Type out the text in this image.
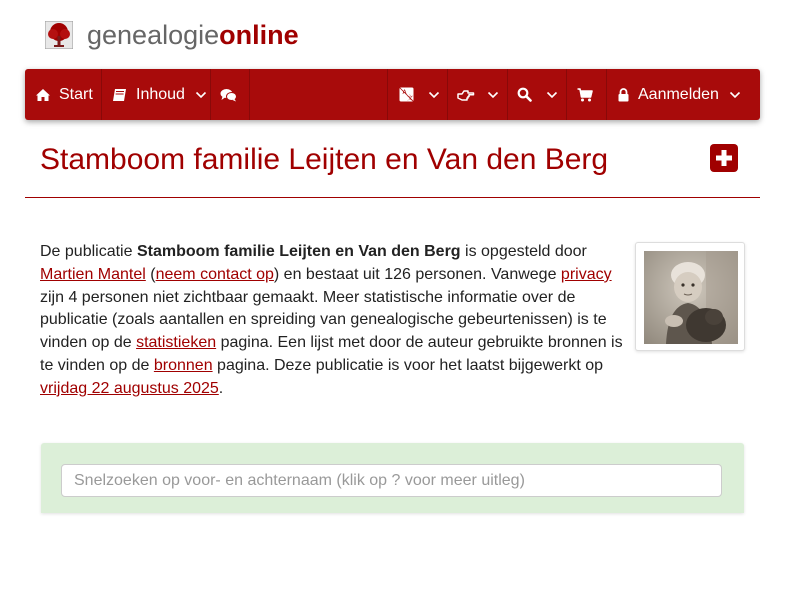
genealogieonline
Start	Inhoud	A
文	Aanmelden
Stamboom familie Leijten en Van den Berg

De publicatie Stamboom familie Leijten en Van den Berg is opgesteld door Martien Mantel (neem contact op) en bestaat uit 126 personen. Vanwege privacy zijn 4 personen niet zichtbaar gemaakt. Meer statistische informatie over de publicatie (zoals aantallen en spreiding van genealogische gebeurtenissen) is te vinden op de statistieken pagina. Een lijst met door de auteur gebruikte bronnen is te vinden op de bronnen pagina. Deze publicatie is voor het laatst bijgewerkt op vrijdag 22 augustus 2025.

Snelzoeken op voor- en achternaam (klik op ? voor meer uitleg)
